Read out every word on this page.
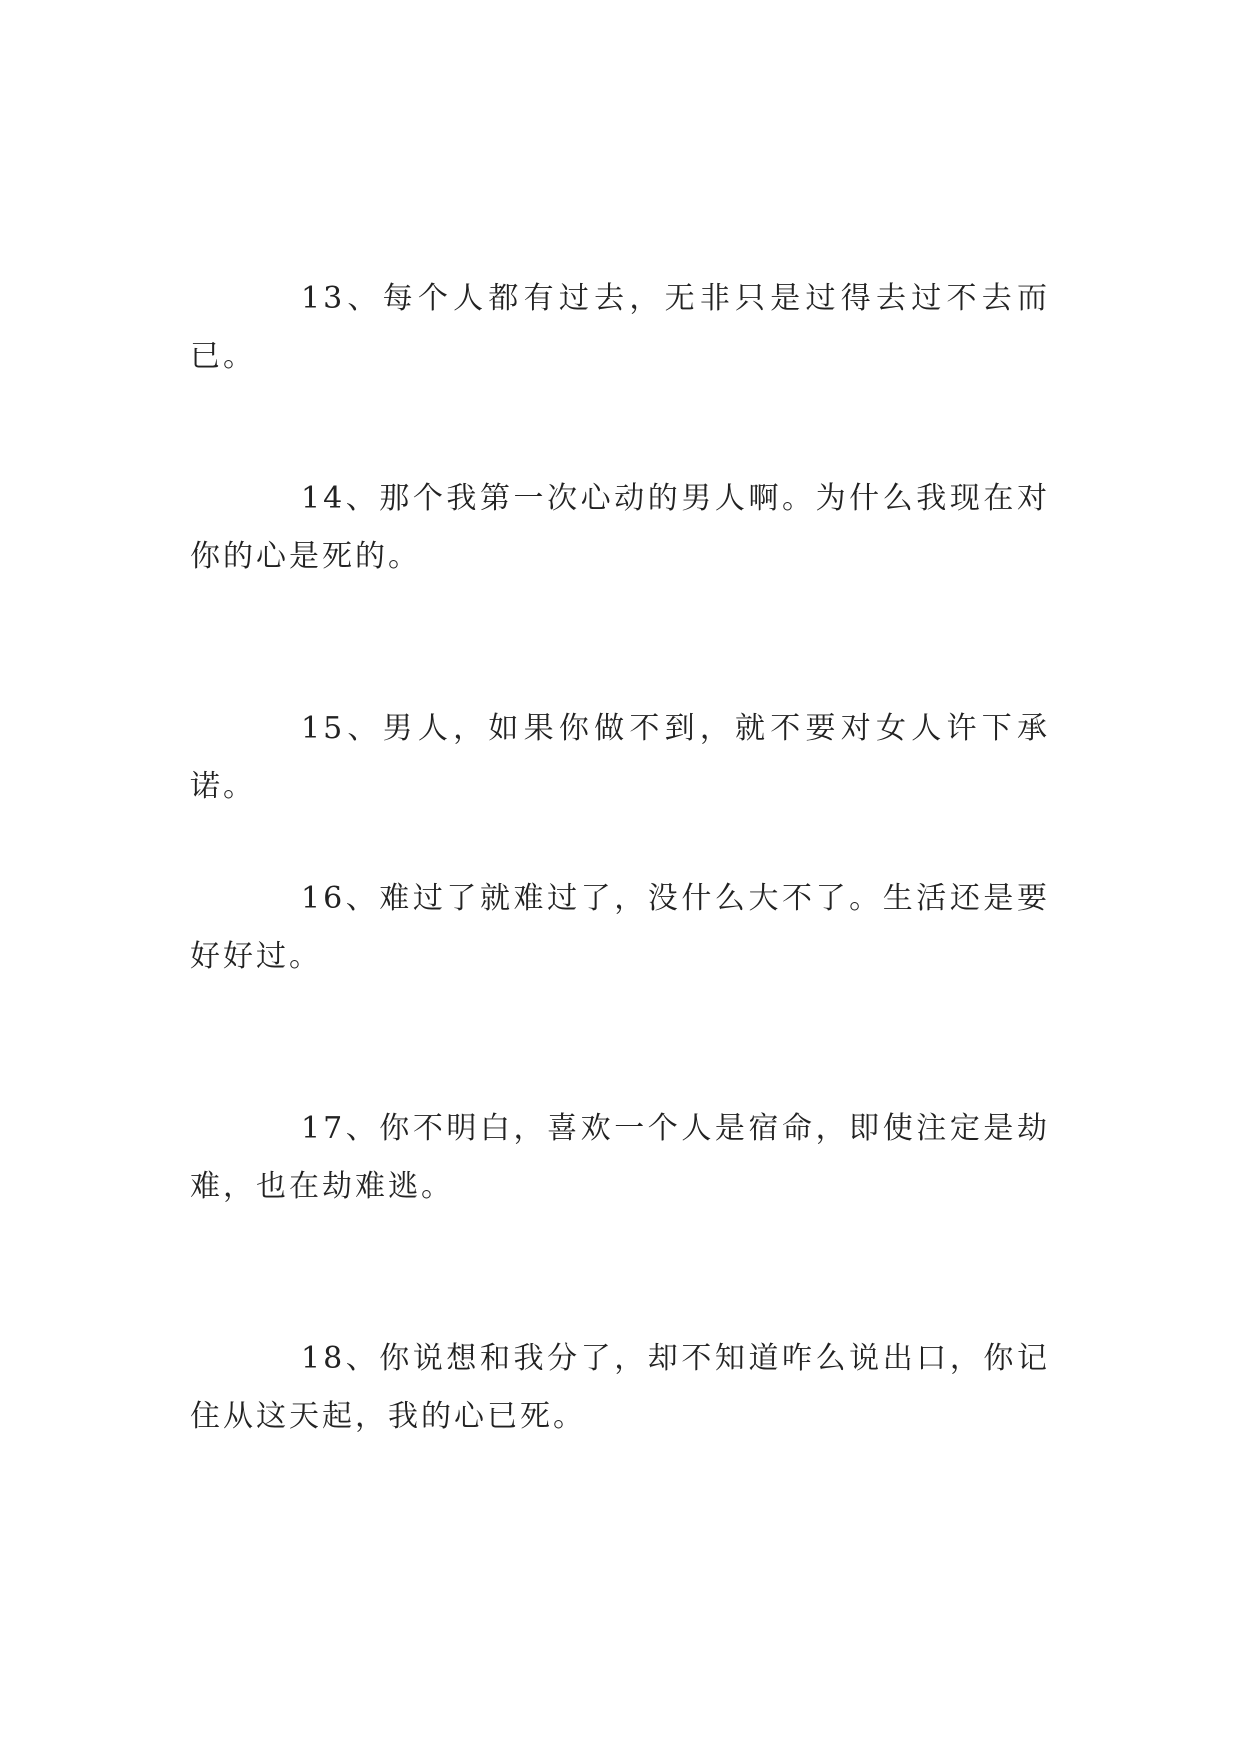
13、每个人都有过去，无非只是过得去过不去而已。

14、那个我第一次心动的男人啊。为什么我现在对你的心是死的。

15、男人，如果你做不到，就不要对女人许下承诺。

16、难过了就难过了，没什么大不了。生活还是要好好过。

17、你不明白，喜欢一个人是宿命，即使注定是劫难，也在劫难逃。

18、你说想和我分了，却不知道咋么说出口，你记住从这天起，我的心已死。
